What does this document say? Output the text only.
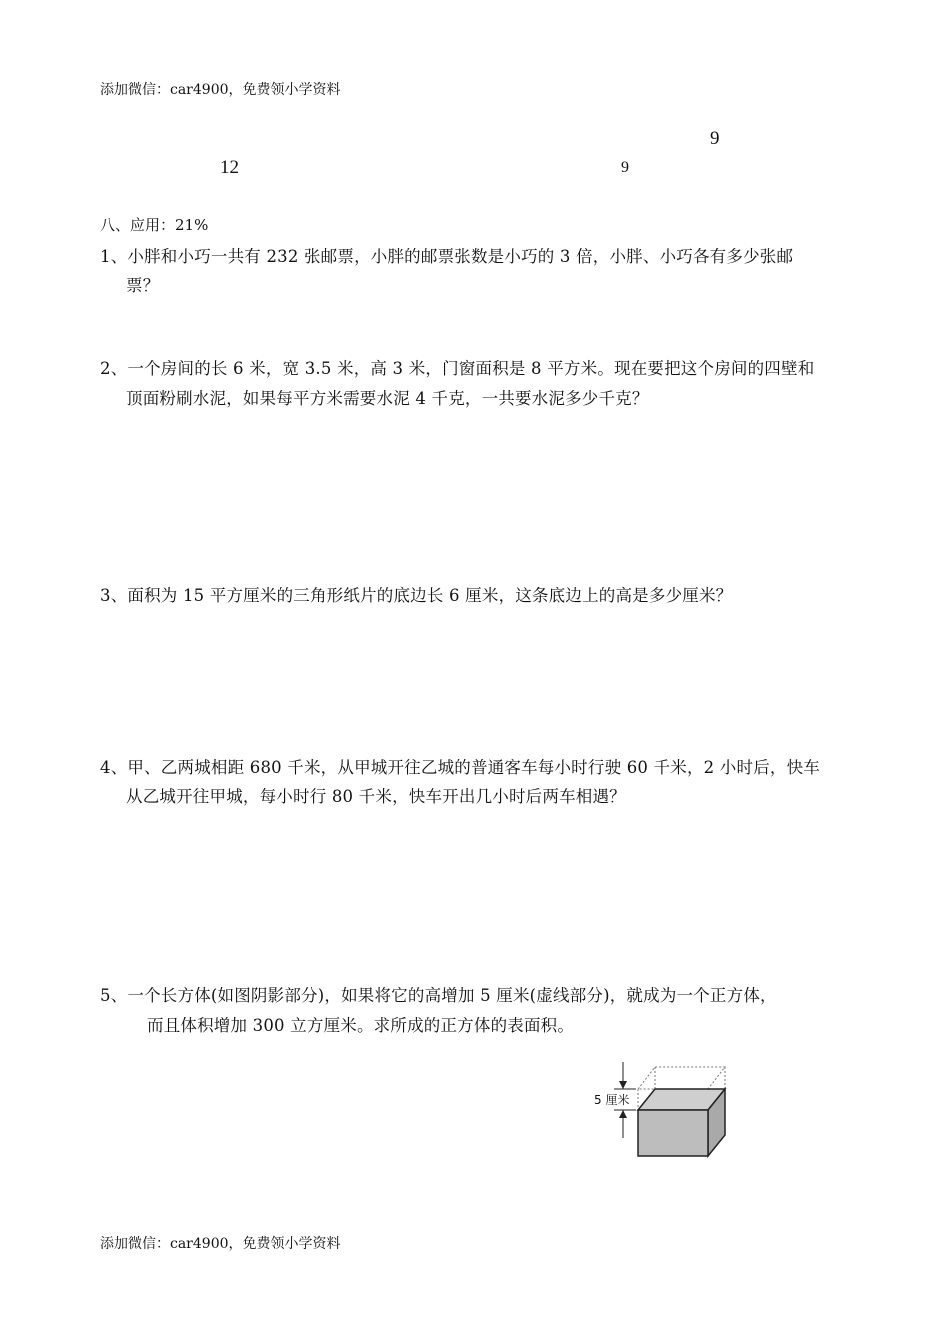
添加微信：car4900，免费领小学资料
9
12	9
八、应用：21%
1、小胖和小巧一共有 232 张邮票，小胖的邮票张数是小巧的 3 倍，小胖、小巧各有多少张邮
票？
2、一个房间的长 6 米，宽 3.5 米，高 3 米，门窗面积是 8 平方米。现在要把这个房间的四壁和
顶面粉刷水泥，如果每平方米需要水泥 4 千克，一共要水泥多少千克？
3、面积为 15 平方厘米的三角形纸片的底边长 6 厘米，这条底边上的高是多少厘米？
4、甲、乙两城相距 680 千米，从甲城开往乙城的普通客车每小时行驶 60 千米，2 小时后，快车
从乙城开往甲城，每小时行 80 千米，快车开出几小时后两车相遇？
5、一个长方体(如图阴影部分)，如果将它的高增加 5 厘米(虚线部分)，就成为一个正方体，
而且体积增加 300 立方厘米。求所成的正方体的表面积。
5 厘米
添加微信：car4900，免费领小学资料
